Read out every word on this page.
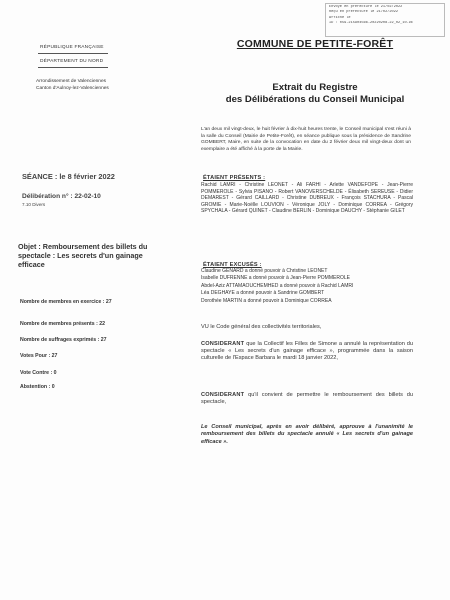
Envoyé en préfecture le 21/02/2022
Reçu en préfecture le 21/02/2022
Affiché le
ID : 059-215904566-20220208-22_02_10-DE
RÉPUBLIQUE FRANÇAISE
DÉPARTEMENT DU NORD
Arrondissement de Valenciennes
Canton d'Aulnoy-lez-Valenciennes
COMMUNE DE PETITE-FORÊT
Extrait du Registre
des Délibérations du Conseil Municipal
L'an deux mil vingt-deux, le huit février à dix-huit heures trente, le Conseil municipal s'est réuni à la salle du Conseil (Mairie de Petite-Forêt), en séance publique sous la présidence de Sandrine GOMBERT, Maire, en suite de la convocation en date du 2 février deux mil vingt-deux dont un exemplaire a été affiché à la porte de la Mairie.
SÉANCE : le 8 février 2022
Délibération n° : 22-02-10
7.10 Divers
Objet : Remboursement des billets du spectacle : Les secrets d'un gainage efficace
Nombre de membres en exercice : 27
Nombre de membres présents : 22
Nombre de suffrages exprimés : 27
Votes Pour : 27
Vote Contre : 0
Abstention : 0
ÉTAIENT PRÉSENTS :
Rachid LAMRI - Christine LEONET - Ali FARHI - Arlette VANDEFOPE - Jean-Pierre POMMEROLE - Sylvia PISANO - Robert VANOVERSCHELDE - Élisabeth SEREUSE - Didier DEMAREST - Gérard CAILLARD - Christine DUBREUX - François STACHURA - Pascal GROMIE - Marie-Noëlle LOUVION - Véronique JOLY - Dominique CORREA - Grégory SPYCHALA - Gérard QUINET - Claudine BERLIN - Dominique DAUCHY - Stéphanie GILET
ÉTAIENT EXCUSÉS :
Claudine GÉNARD a donné pouvoir à Christine LEONET
Isabelle DUFRENNE a donné pouvoir à Jean-Pierre POMMEROLE
Abdel-Aziz ATTAMAOUCHEMHED a donné pouvoir à Rachid LAMRI
Léa DEGHAYE a donné pouvoir à Sandrine GOMBERT
Dorothée MARTIN a donné pouvoir à Dominique CORREA
VU le Code général des collectivités territoriales,
CONSIDERANT que la Collectif les Filles de Simone a annulé la représentation du spectacle « Les secrets d'un gainage efficace », programmée dans la saison culturelle de l'Espace Barbara le mardi 18 janvier 2022,
CONSIDERANT qu'il convient de permettre le remboursement des billets du spectacle,
Le Conseil municipal, après en avoir délibéré, approuve à l'unanimité le remboursement des billets du spectacle annulé « Les secrets d'un gainage efficace ».
